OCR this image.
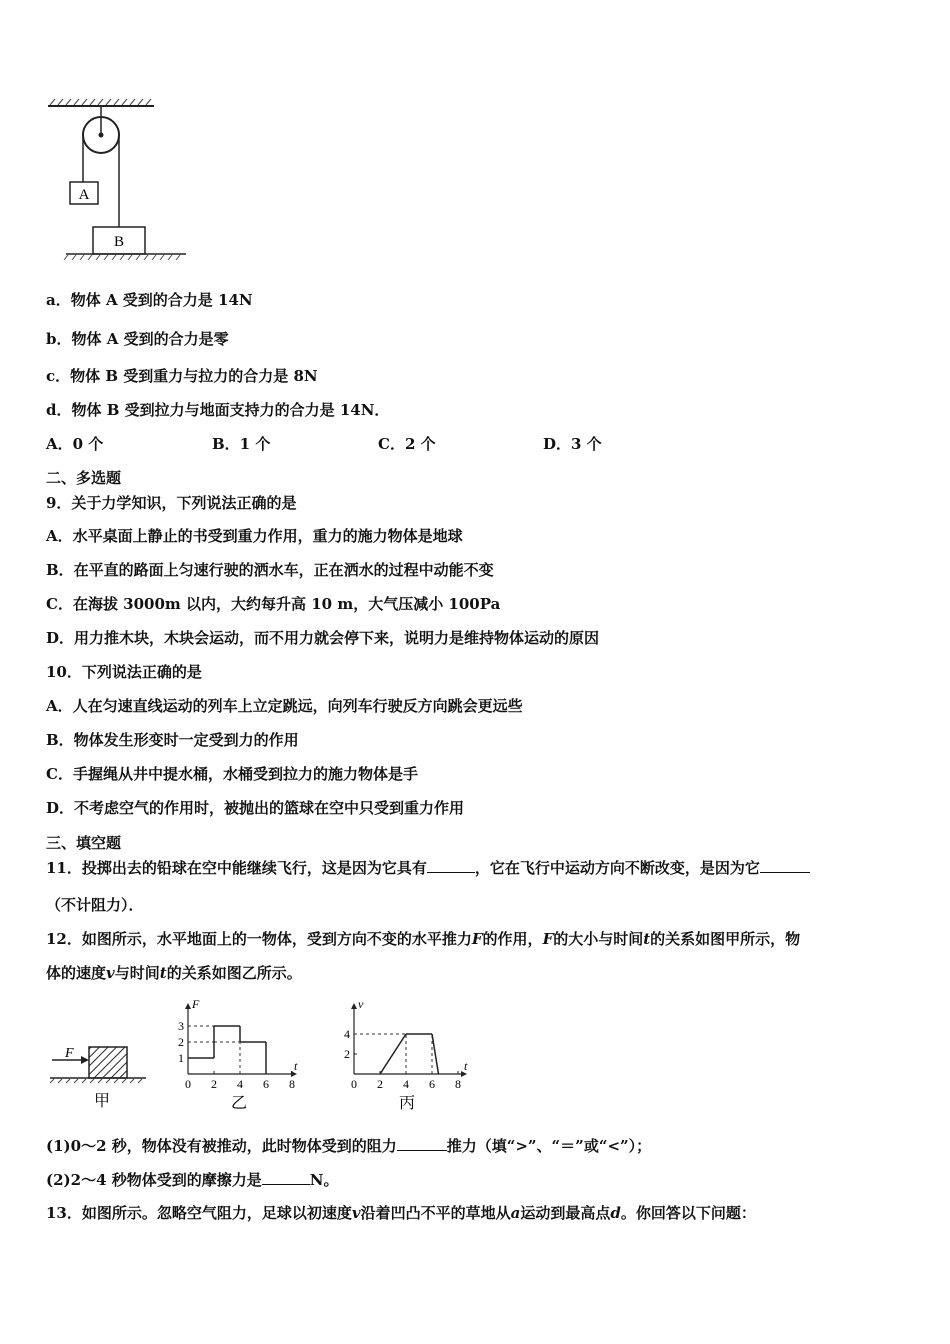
A
B
a．物体 A 受到的合力是 14N
b．物体 A 受到的合力是零
c．物体 B 受到重力与拉力的合力是 8N
d．物体 B 受到拉力与地面支持力的合力是 14N．
A．0 个	B．1 个	C．2 个	D．3 个
二、多选题
9．关于力学知识，下列说法正确的是
A．水平桌面上静止的书受到重力作用，重力的施力物体是地球
B．在平直的路面上匀速行驶的洒水车，正在洒水的过程中动能不变
C．在海拔 3000m 以内，大约每升高 10 m，大气压减小 100Pa
D．用力推木块，木块会运动，而不用力就会停下来，说明力是维持物体运动的原因
10．下列说法正确的是
A．人在匀速直线运动的列车上立定跳远，向列车行驶反方向跳会更远些
B．物体发生形变时一定受到力的作用
C．手握绳从井中提水桶，水桶受到拉力的施力物体是手
D．不考虑空气的作用时，被抛出的篮球在空中只受到重力作用
三、填空题
11．投掷出去的铅球在空中能继续飞行，这是因为它具有	，它在飞行中运动方向不断改变，是因为它
（不计阻力）．
12．如图所示，水平地面上的一物体，受到方向不变的水平推力F的作用，F的大小与时间t的关系如图甲所示，物
体的速度v与时间t的关系如图乙所示。
F
甲
F
t
0 2 4 6 8
1
2
3
乙
v
t
0 2 4 6 8
2
4
丙
(1)0～2 秒，物体没有被推动，此时物体受到的阻力	推力（填“>”、“＝”或“<”）；
(2)2～4 秒物体受到的摩擦力是	N。
13．如图所示。忽略空气阻力，足球以初速度v沿着凹凸不平的草地从a运动到最高点d。你回答以下问题：
